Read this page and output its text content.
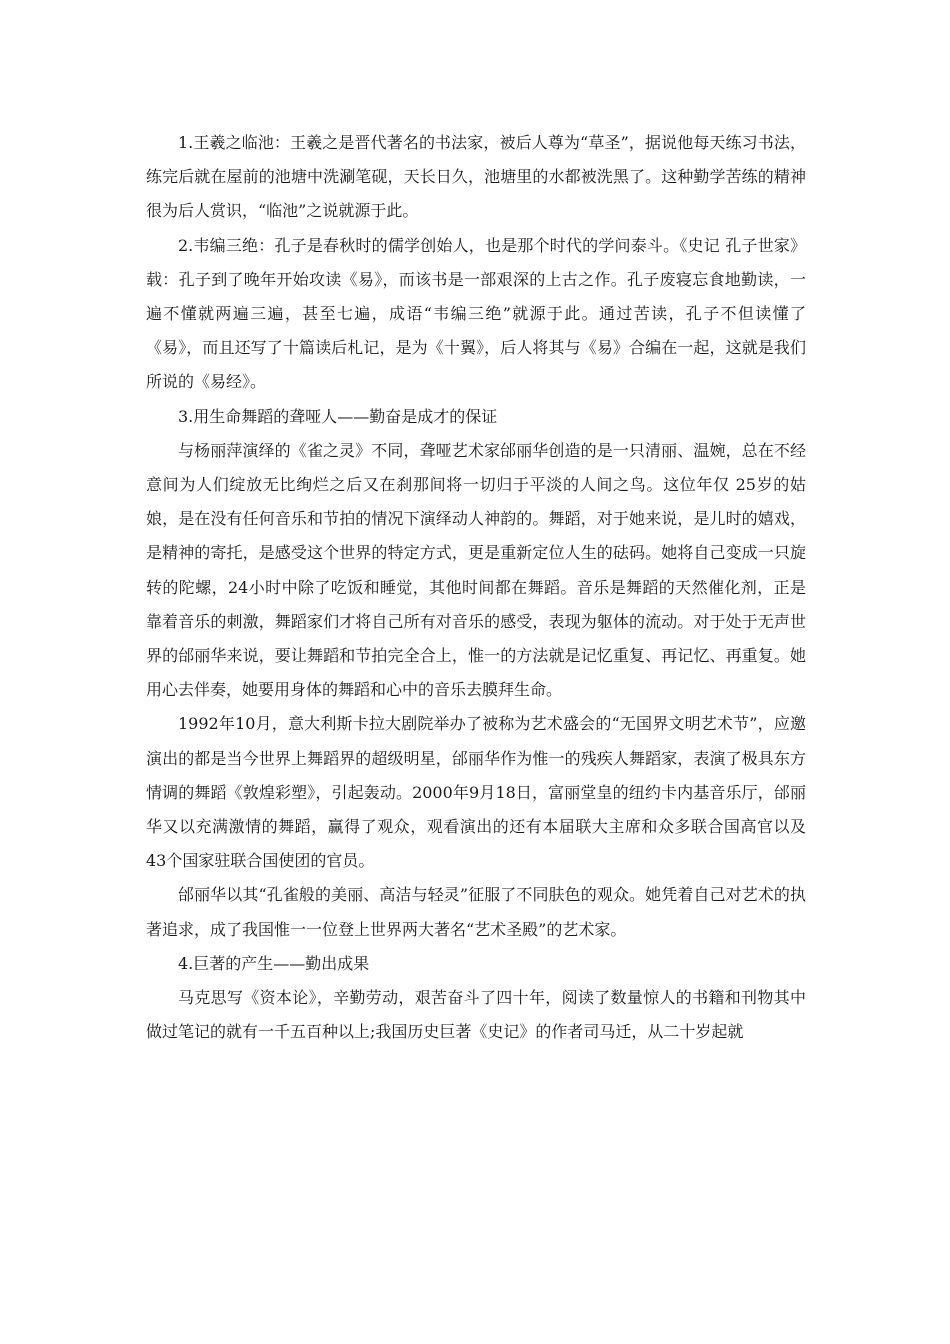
1.王羲之临池：王羲之是晋代著名的书法家，被后人尊为“草圣”，据说他每天练习书法，练完后就在屋前的池塘中洗涮笔砚，天长日久，池塘里的水都被洗黑了。这种勤学苦练的精神很为后人赏识，“临池”之说就源于此。

2.韦编三绝：孔子是春秋时的儒学创始人，也是那个时代的学问泰斗。《史记 孔子世家》载：孔子到了晚年开始攻读《易》，而该书是一部艰深的上古之作。孔子废寝忘食地勤读，一遍不懂就两遍三遍，甚至七遍，成语“韦编三绝”就源于此。通过苦读，孔子不但读懂了《易》，而且还写了十篇读后札记，是为《十翼》，后人将其与《易》合编在一起，这就是我们所说的《易经》。

3.用生命舞蹈的聋哑人——勤奋是成才的保证

与杨丽萍演绎的《雀之灵》不同，聋哑艺术家邰丽华创造的是一只清丽、温婉，总在不经意间为人们绽放无比绚烂之后又在刹那间将一切归于平淡的人间之鸟。这位年仅 25岁的姑娘，是在没有任何音乐和节拍的情况下演绎动人神韵的。舞蹈，对于她来说，是儿时的嬉戏，是精神的寄托，是感受这个世界的特定方式，更是重新定位人生的砝码。她将自己变成一只旋转的陀螺，24小时中除了吃饭和睡觉，其他时间都在舞蹈。音乐是舞蹈的天然催化剂，正是靠着音乐的刺激，舞蹈家们才将自己所有对音乐的感受，表现为躯体的流动。对于处于无声世界的邰丽华来说，要让舞蹈和节拍完全合上，惟一的方法就是记忆重复、再记忆、再重复。她用心去伴奏，她要用身体的舞蹈和心中的音乐去膜拜生命。

1992年10月，意大利斯卡拉大剧院举办了被称为艺术盛会的“无国界文明艺术节”，应邀演出的都是当今世界上舞蹈界的超级明星，邰丽华作为惟一的残疾人舞蹈家，表演了极具东方情调的舞蹈《敦煌彩塑》，引起轰动。2000年9月18日，富丽堂皇的纽约卡内基音乐厅，邰丽华又以充满激情的舞蹈，赢得了观众，观看演出的还有本届联大主席和众多联合国高官以及43个国家驻联合国使团的官员。

邰丽华以其“孔雀般的美丽、高洁与轻灵”征服了不同肤色的观众。她凭着自己对艺术的执著追求，成了我国惟一一位登上世界两大著名“艺术圣殿”的艺术家。

4.巨著的产生——勤出成果

马克思写《资本论》，辛勤劳动，艰苦奋斗了四十年，阅读了数量惊人的书籍和刊物其中做过笔记的就有一千五百种以上;我国历史巨著《史记》的作者司马迁，从二十岁起就
